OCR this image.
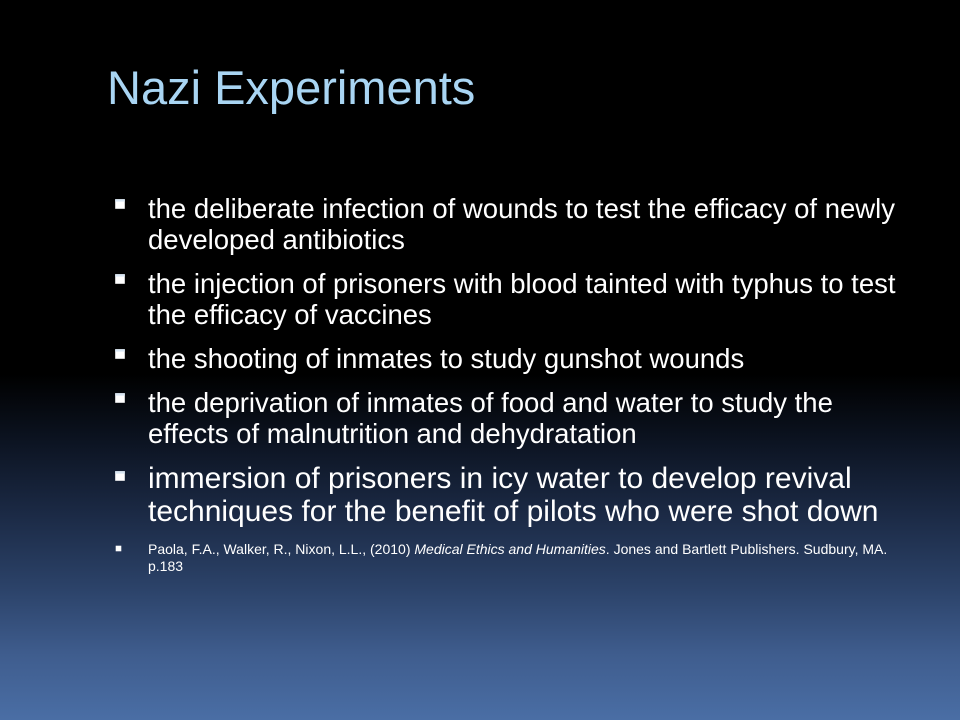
Nazi Experiments
the deliberate infection of wounds to test the efficacy of newly developed antibiotics
the injection of prisoners with blood tainted with typhus to test the efficacy of vaccines
the shooting of inmates to study gunshot wounds
the deprivation of inmates of food and water to study the effects of malnutrition and dehydratation
immersion of prisoners in icy water to develop revival techniques for the benefit of pilots who were shot down
Paola, F.A., Walker, R., Nixon, L.L., (2010) Medical Ethics and Humanities. Jones and Bartlett Publishers. Sudbury, MA. p.183
